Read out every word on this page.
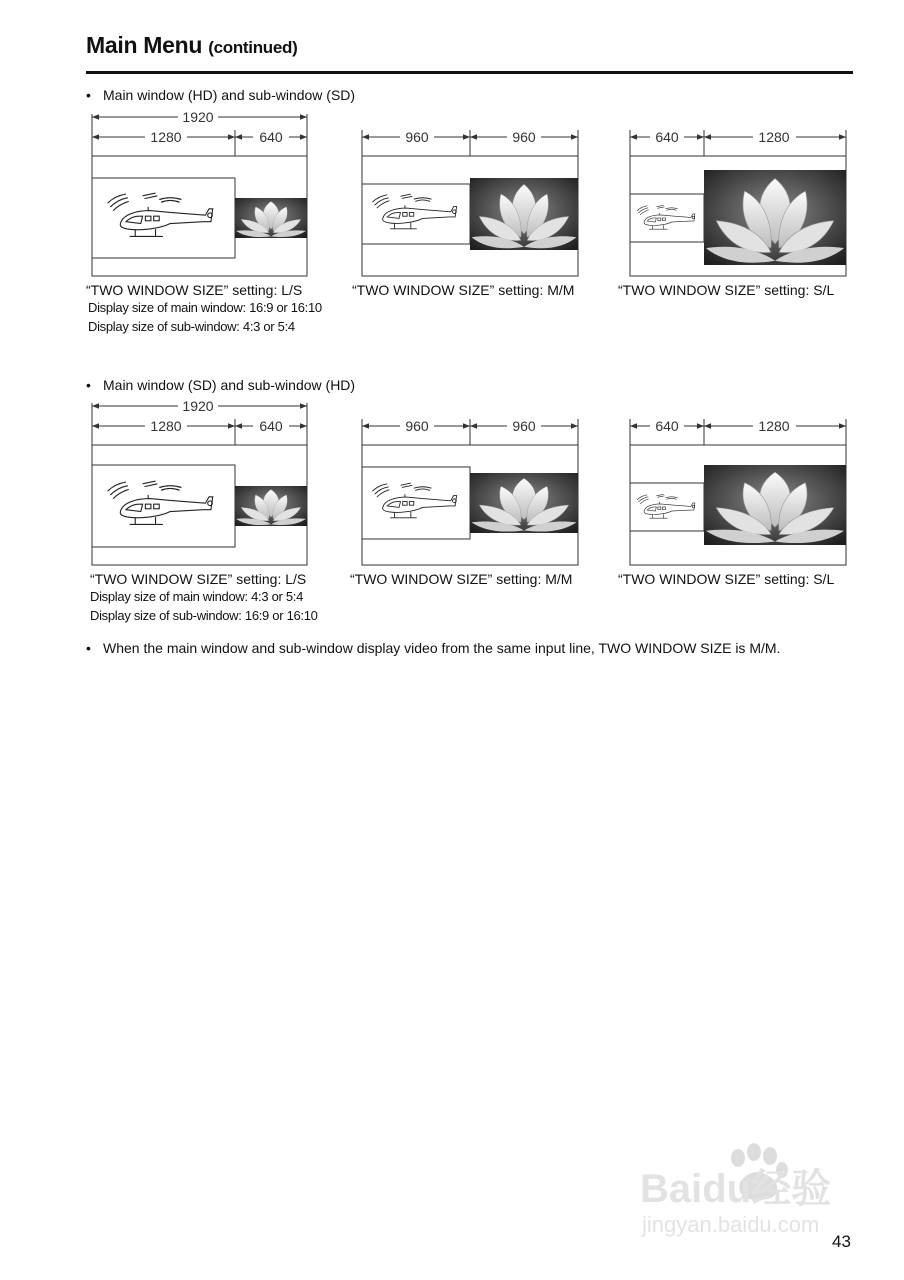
Main Menu (continued)
• Main window (HD) and sub-window (SD)
1920
1280	640	960	960	640	1280
“TWO WINDOW SIZE” setting: L/S	“TWO WINDOW SIZE” setting: M/M	“TWO WINDOW SIZE” setting: S/L
Display size of main window: 16:9 or 16:10
Display size of sub-window: 4:3 or 5:4
• Main window (SD) and sub-window (HD)
1920
1280	640	960	960	640	1280
“TWO WINDOW SIZE” setting: L/S	“TWO WINDOW SIZE” setting: M/M	“TWO WINDOW SIZE” setting: S/L
Display size of main window: 4:3 or 5:4
Display size of sub-window: 16:9 or 16:10
• When the main window and sub-window display video from the same input line, TWO WINDOW SIZE is M/M.
Baidu经验
jingyan.baidu.com
43
